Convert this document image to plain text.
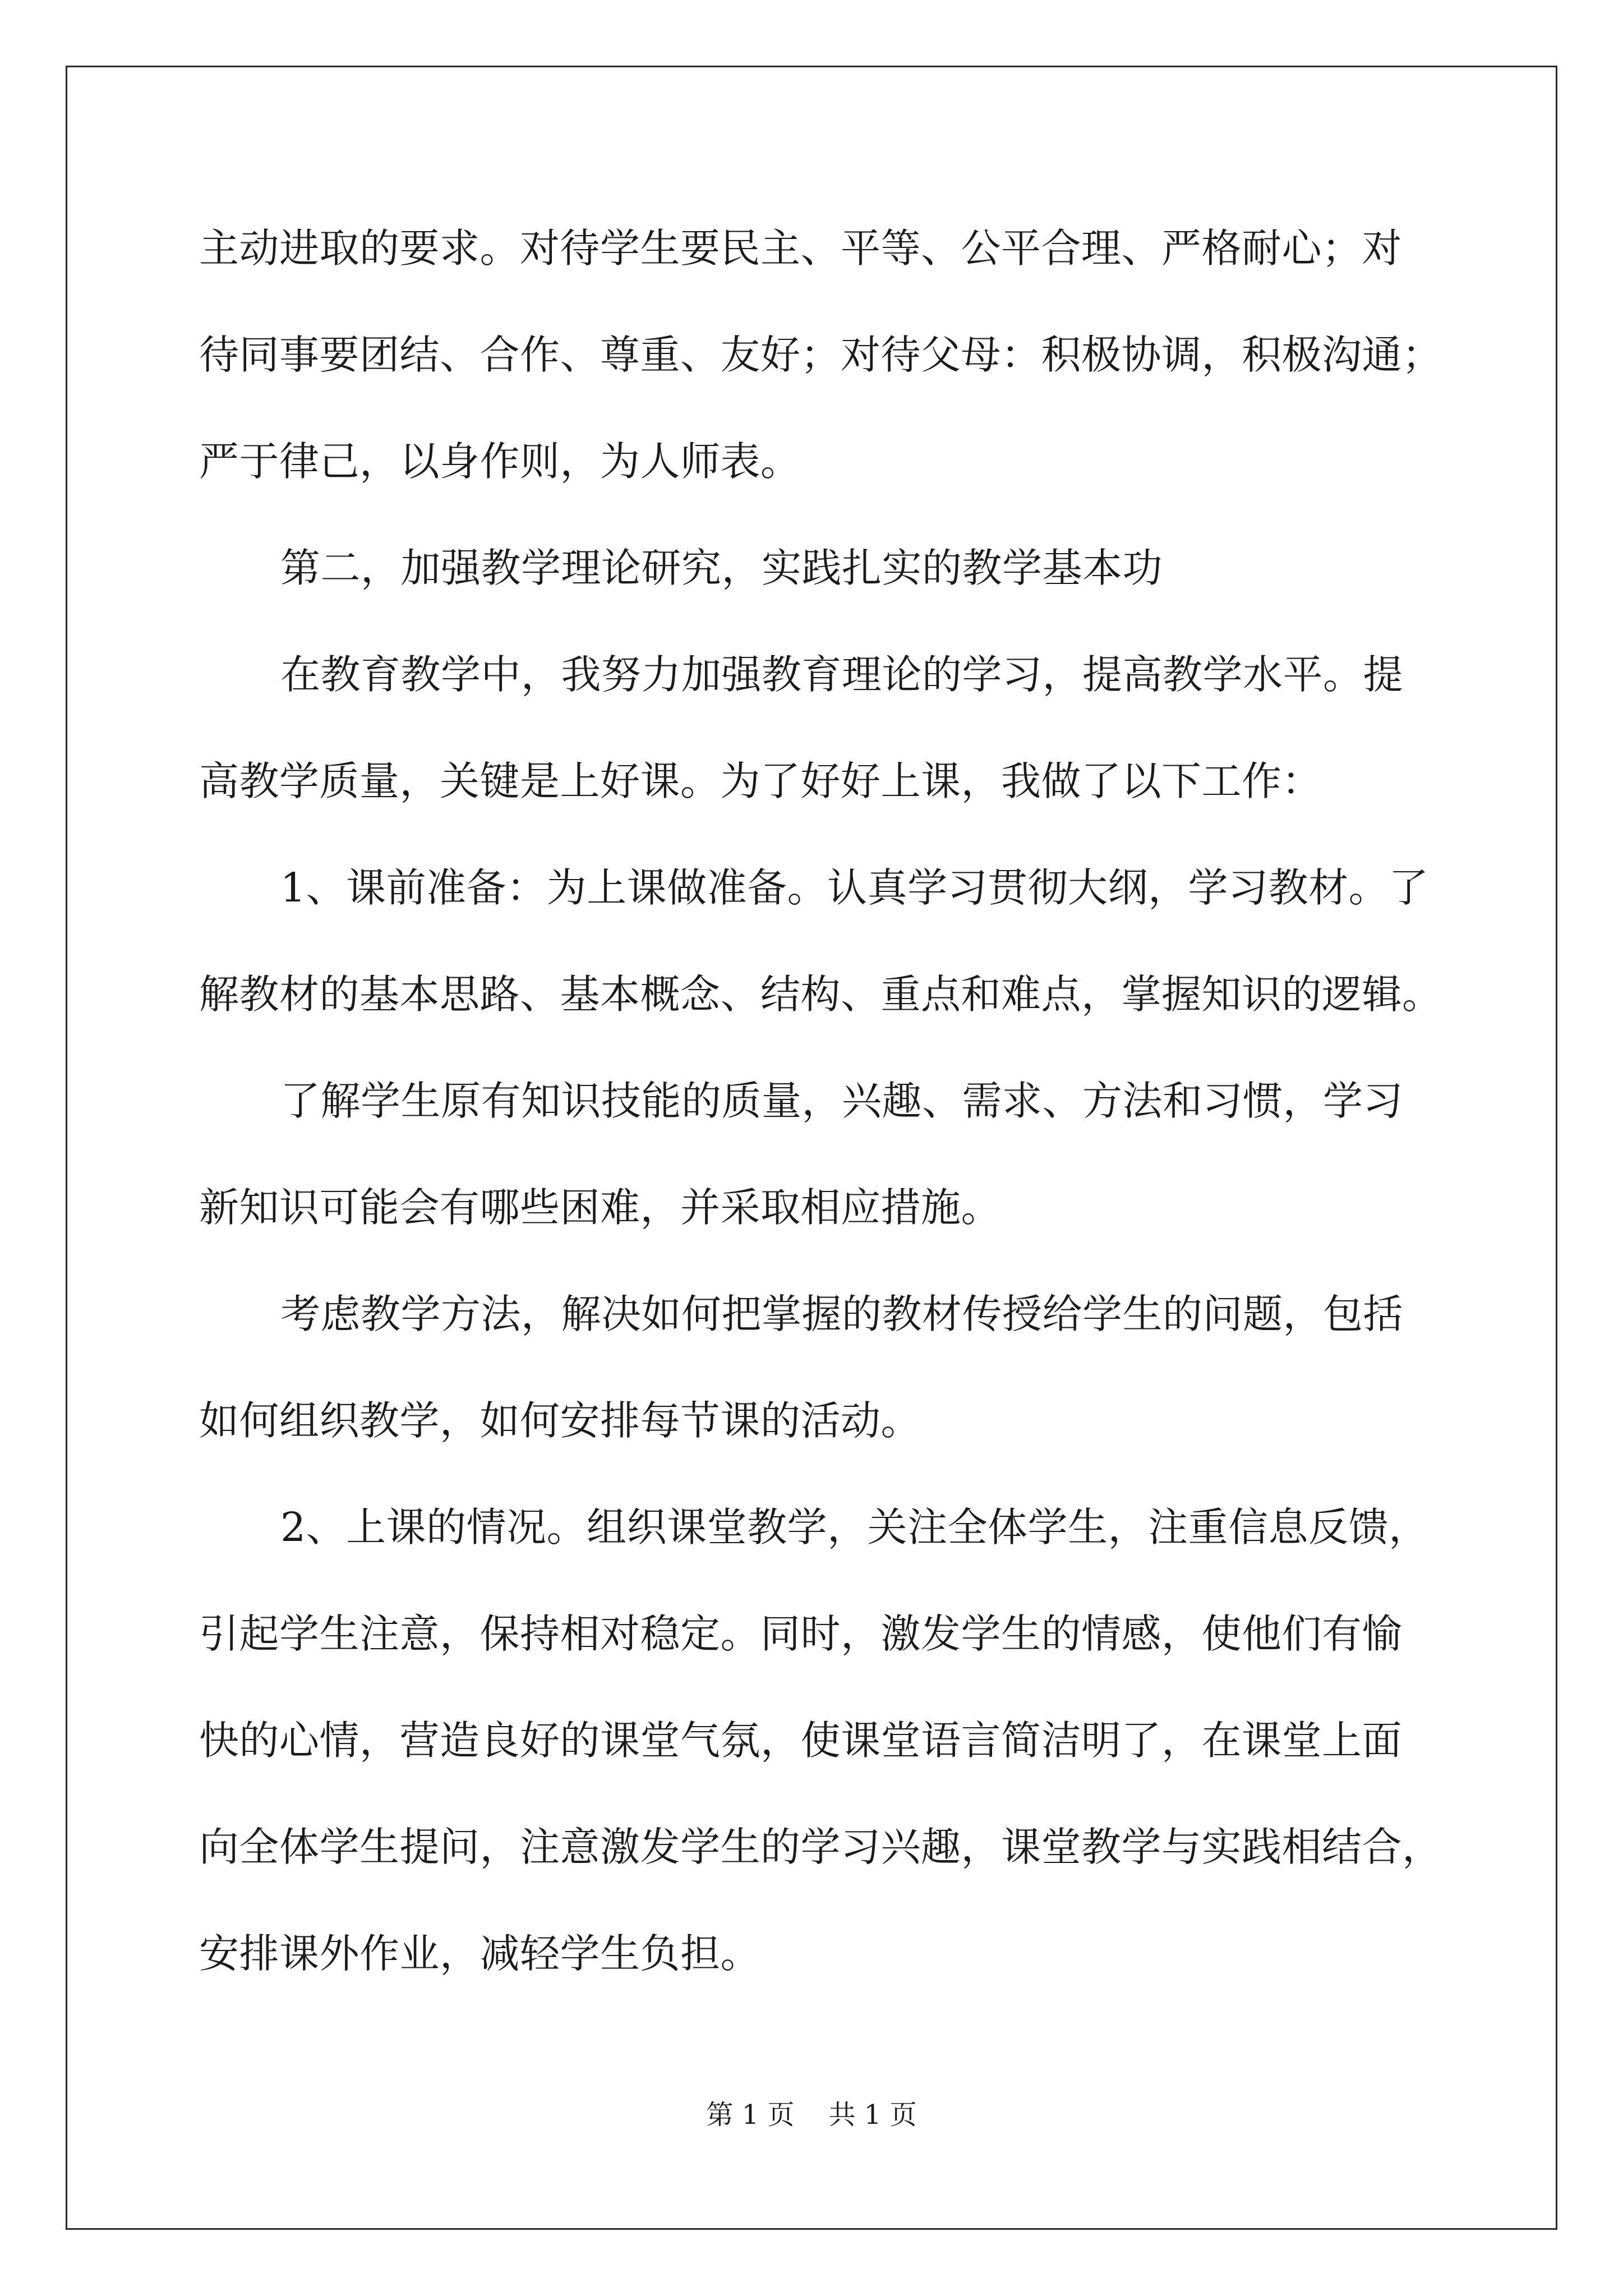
主动进取的要求。对待学生要民主、平等、公平合理、严格耐心；对
待同事要团结、合作、尊重、友好；对待父母：积极协调，积极沟通；
严于律己，以身作则，为人师表。
第二，加强教学理论研究，实践扎实的教学基本功
在教育教学中，我努力加强教育理论的学习，提高教学水平。提
高教学质量，关键是上好课。为了好好上课，我做了以下工作：
1、课前准备：为上课做准备。认真学习贯彻大纲，学习教材。了
解教材的基本思路、基本概念、结构、重点和难点，掌握知识的逻辑。
了解学生原有知识技能的质量，兴趣、需求、方法和习惯，学习
新知识可能会有哪些困难，并采取相应措施。
考虑教学方法，解决如何把掌握的教材传授给学生的问题，包括
如何组织教学，如何安排每节课的活动。
2、上课的情况。组织课堂教学，关注全体学生，注重信息反馈，
引起学生注意，保持相对稳定。同时，激发学生的情感，使他们有愉
快的心情，营造良好的课堂气氛，使课堂语言简洁明了，在课堂上面
向全体学生提问，注意激发学生的学习兴趣，课堂教学与实践相结合，
安排课外作业，减轻学生负担。
第 1 页    共 1 页
